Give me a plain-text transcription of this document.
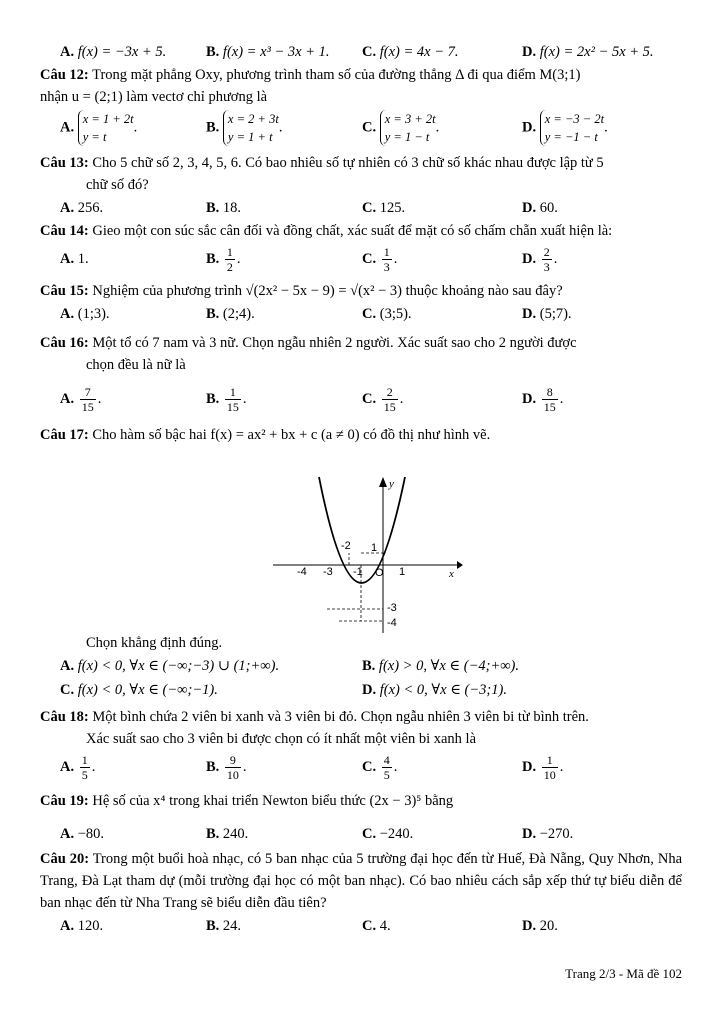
A. f(x) = −3x + 5.	B. f(x) = x³ − 3x + 1. C. f(x) = 4x − 7.	D. f(x) = 2x² − 5x + 5.
Câu 12: Trong mặt phẳng Oxy, phương trình tham số của đường thẳng Δ đi qua điểm M(3;1)
nhận u = (2;1) làm vectơ chỉ phương là
A. x = 1 + 2t
y = t.	B. x = 2 + 3t
y = 1 + t.	C. x = 3 + 2t
y = 1 − t.	D. x = −3 − 2t
y = −1 − t.
Câu 13: Cho 5 chữ số 2, 3, 4, 5, 6. Có bao nhiêu số tự nhiên có 3 chữ số khác nhau được lập từ 5
chữ số đó?
A. 256.	B. 18.	C. 125.	D. 60.
Câu 14: Gieo một con súc sắc cân đối và đồng chất, xác suất để mặt có số chấm chẵn xuất hiện là:
A. 1.	B. $\frac{1}{2}$ .	C. $\frac{1}{3}$ .	D. $\frac{2}{3}$ .
Câu 15: Nghiệm của phương trình √(2x² − 5x − 9) = √(x² − 3) thuộc khoảng nào sau đây?
A. (1;3).	B. (2;4).	C. (3;5).	D. (5;7).
Câu 16: Một tổ có 7 nam và 3 nữ. Chọn ngẫu nhiên 2 người. Xác suất sao cho 2 người được
chọn đều là nữ là
A. $\frac{7}{15}$ .	B. $\frac{1}{15}$ .	C. $\frac{2}{15}$ .	D. $\frac{8}{15}$ .
Câu 17: Cho hàm số bậc hai f(x) = ax² + bx + c (a ≠ 0) có đồ thị như hình vẽ.
-4 -3 -1 O 1	x
y
1
-2
-3
-4
Chọn khẳng định đúng.
A. f(x) < 0, ∀x ∈ (−∞;−3) ∪ (1;+∞).	B. f(x) > 0, ∀x ∈ (−4;+∞).
C. f(x) < 0, ∀x ∈ (−∞;−1).	D. f(x) < 0, ∀x ∈ (−3;1).
Câu 18: Một bình chứa 2 viên bi xanh và 3 viên bi đỏ. Chọn ngẫu nhiên 3 viên bi từ bình trên.
Xác suất sao cho 3 viên bi được chọn có ít nhất một viên bi xanh là
A. $\frac{1}{5}$ .	B. $\frac{9}{10}$ .	C. $\frac{4}{5}$ .	D. $\frac{1}{10}$ .
Câu 19: Hệ số của x⁴ trong khai triển Newton biểu thức (2x − 3)⁵ bằng
A. −80.	B. 240.	C. −240.	D. −270.
Câu 20: Trong một buổi hoà nhạc, có 5 ban nhạc của 5 trường đại học đến từ Huế, Đà Nẵng, Quy Nhơn, Nha Trang, Đà Lạt tham dự (mỗi trường đại học có một ban nhạc). Có bao nhiêu cách sắp xếp thứ tự biểu diễn để ban nhạc đến từ Nha Trang sẽ biểu diễn đầu tiên?
A. 120.	B. 24.	C. 4.	D. 20.
Trang 2/3 - Mã đề 102
